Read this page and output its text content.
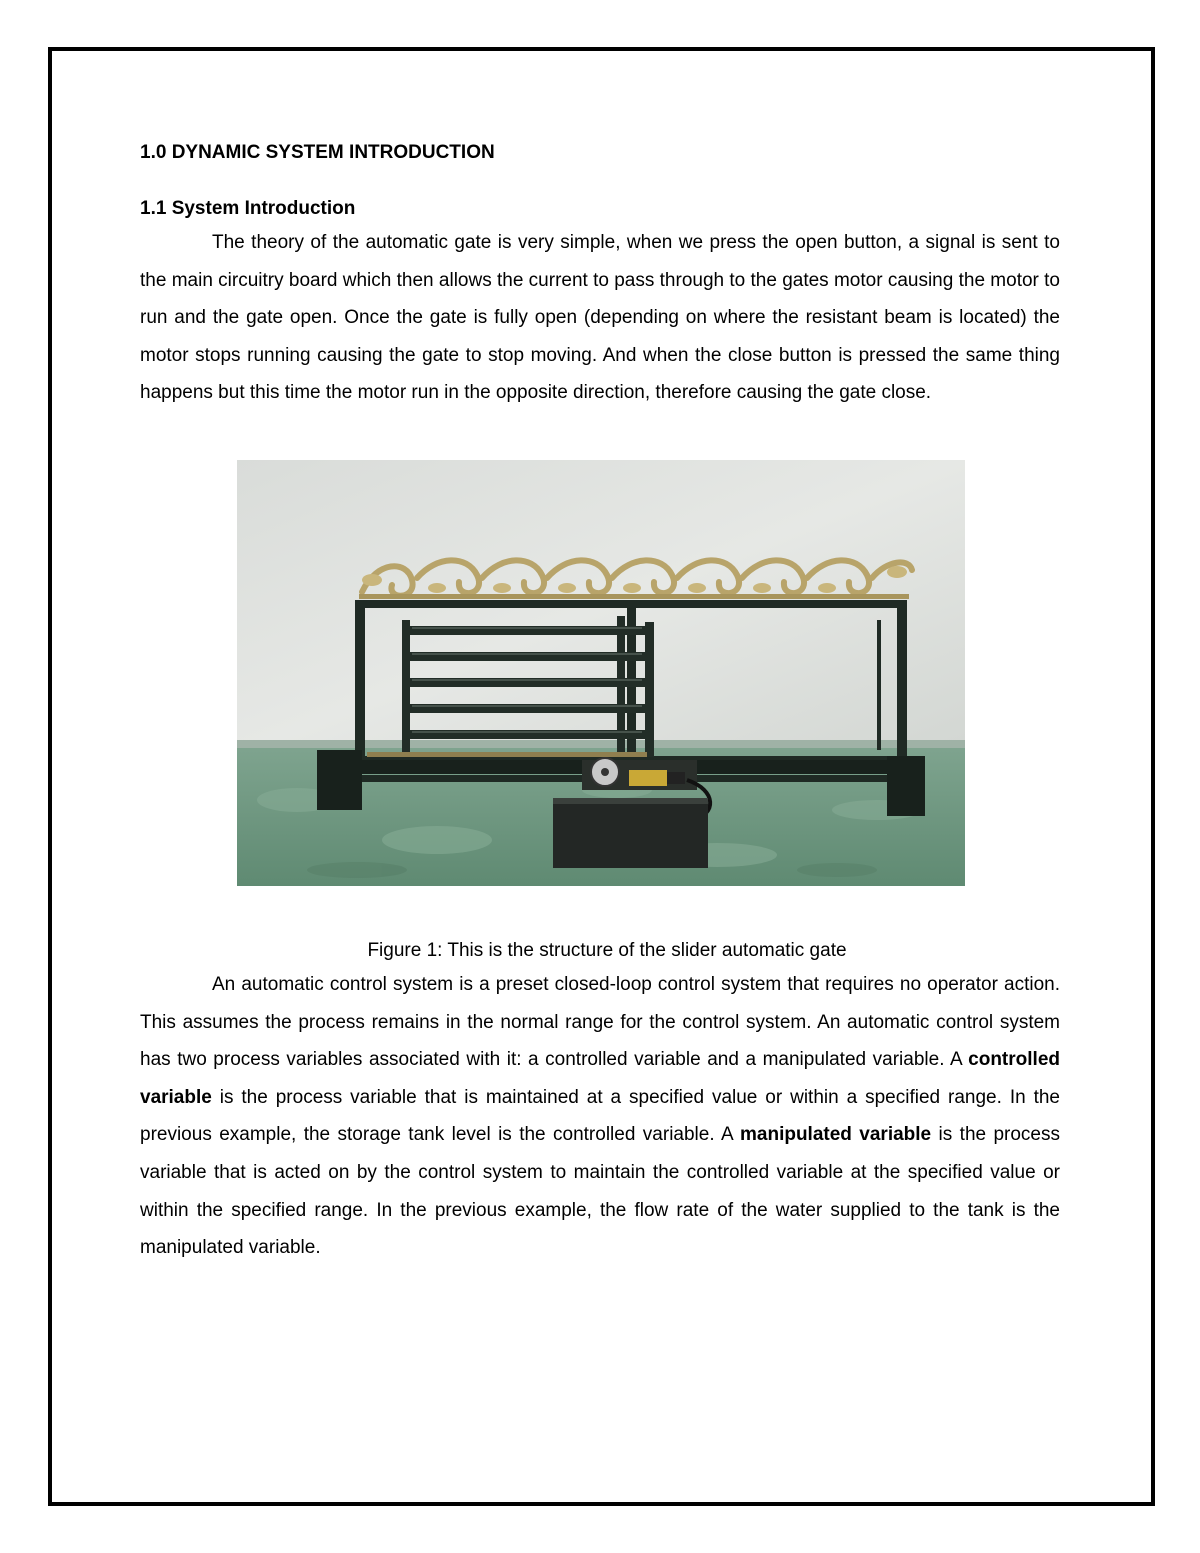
1.0 DYNAMIC SYSTEM INTRODUCTION
1.1 System Introduction

The theory of the automatic gate is very simple, when we press the open button, a signal is sent to the main circuitry board which then allows the current to pass through to the gates motor causing the motor to run and the gate open. Once the gate is fully open (depending on where the resistant beam is located) the motor stops running causing the gate to stop moving. And when the close button is pressed the same thing happens but this time the motor run in the opposite direction, therefore causing the gate close.

Figure 1: This is the structure of the slider automatic gate

An automatic control system is a preset closed-loop control system that requires no operator action. This assumes the process remains in the normal range for the control system. An automatic control system has two process variables associated with it: a controlled variable and a manipulated variable. A controlled variable is the process variable that is maintained at a specified value or within a specified range. In the previous example, the storage tank level is the controlled variable. A manipulated variable is the process variable that is acted on by the control system to maintain the controlled variable at the specified value or within the specified range. In the previous example, the flow rate of the water supplied to the tank is the manipulated variable.
